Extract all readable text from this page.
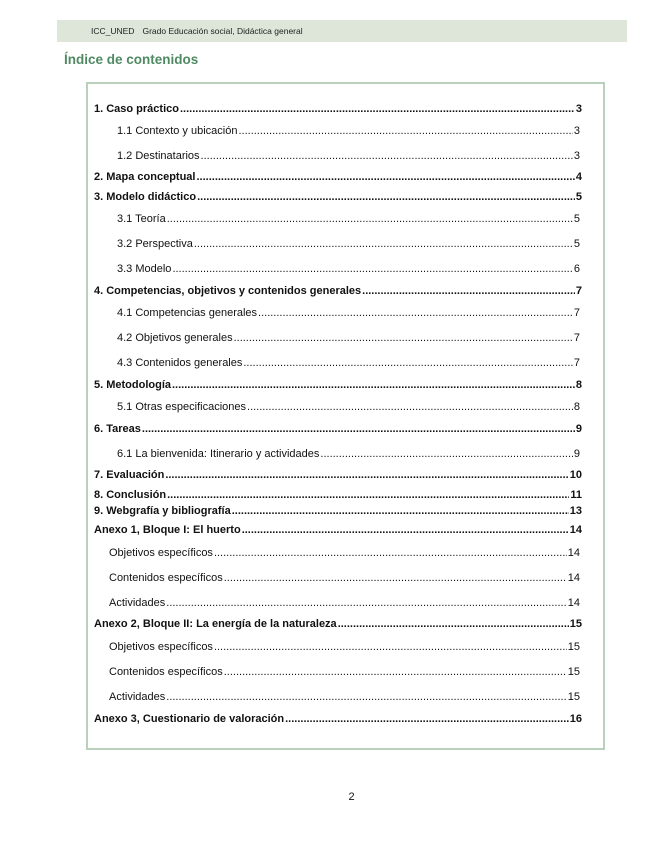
ICC_UNED Grado Educación social, Didáctica general
Índice de contenidos
1. Caso práctico .....	3
1.1 Contexto y ubicación .....	3
1.2 Destinatarios .....	3
2. Mapa conceptual .....	4
3. Modelo didáctico .....	5
3.1 Teoría .....	5
3.2 Perspectiva .....	5
3.3 Modelo .....	6
4. Competencias, objetivos y contenidos generales .....	7
4.1 Competencias generales .....	7
4.2 Objetivos generales .....	7
4.3 Contenidos generales .....	7
5. Metodología .....	8
5.1 Otras especificaciones .....	8
6. Tareas .....	9
6.1 La bienvenida: Itinerario y actividades .....	9
7. Evaluación .....	10
8. Conclusión .....	11
9. Webgrafía y bibliografía .....	13
Anexo 1, Bloque I: El huerto .....	14
Objetivos específicos .....	14
Contenidos específicos .....	14
Actividades .....	14
Anexo 2, Bloque II: La energía de la naturaleza .....	15
Objetivos específicos .....	15
Contenidos específicos .....	15
Actividades .....	15
Anexo 3, Cuestionario de valoración .....	16
2
